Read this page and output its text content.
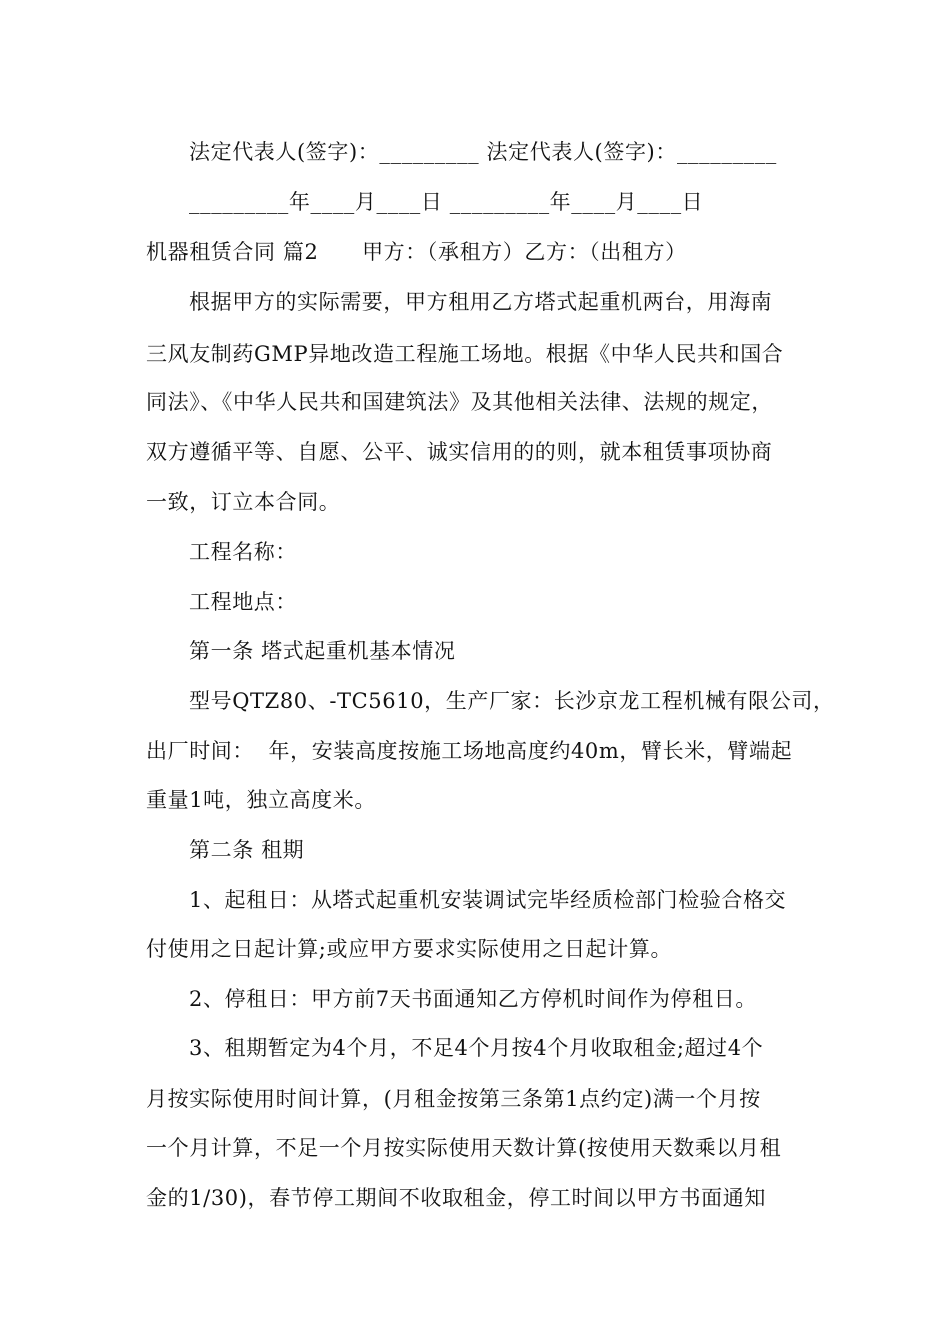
法定代表人(签字)：_________ 法定代表人(签字)：_________
_________年____月____日 _________年____月____日
机器租赁合同 篇2      甲方：（承租方）乙方：（出租方）
根据甲方的实际需要，甲方租用乙方塔式起重机两台，用海南
三风友制药GMP异地改造工程施工场地。根据《中华人民共和国合
同法》、《中华人民共和国建筑法》及其他相关法律、法规的规定，
双方遵循平等、自愿、公平、诚实信用的的则，就本租赁事项协商
一致，订立本合同。
工程名称：
工程地点：
第一条 塔式起重机基本情况
型号QTZ80、-TC5610，生产厂家：长沙京龙工程机械有限公司，
出厂时间：  年，安装高度按施工场地高度约40m，臂长米，臂端起
重量1吨，独立高度米。
第二条 租期
1、起租日：从塔式起重机安装调试完毕经质检部门检验合格交
付使用之日起计算;或应甲方要求实际使用之日起计算。
2、停租日：甲方前7天书面通知乙方停机时间作为停租日。
3、租期暂定为4个月，不足4个月按4个月收取租金;超过4个
月按实际使用时间计算，(月租金按第三条第1点约定)满一个月按
一个月计算，不足一个月按实际使用天数计算(按使用天数乘以月租
金的1/30)，春节停工期间不收取租金，停工时间以甲方书面通知
